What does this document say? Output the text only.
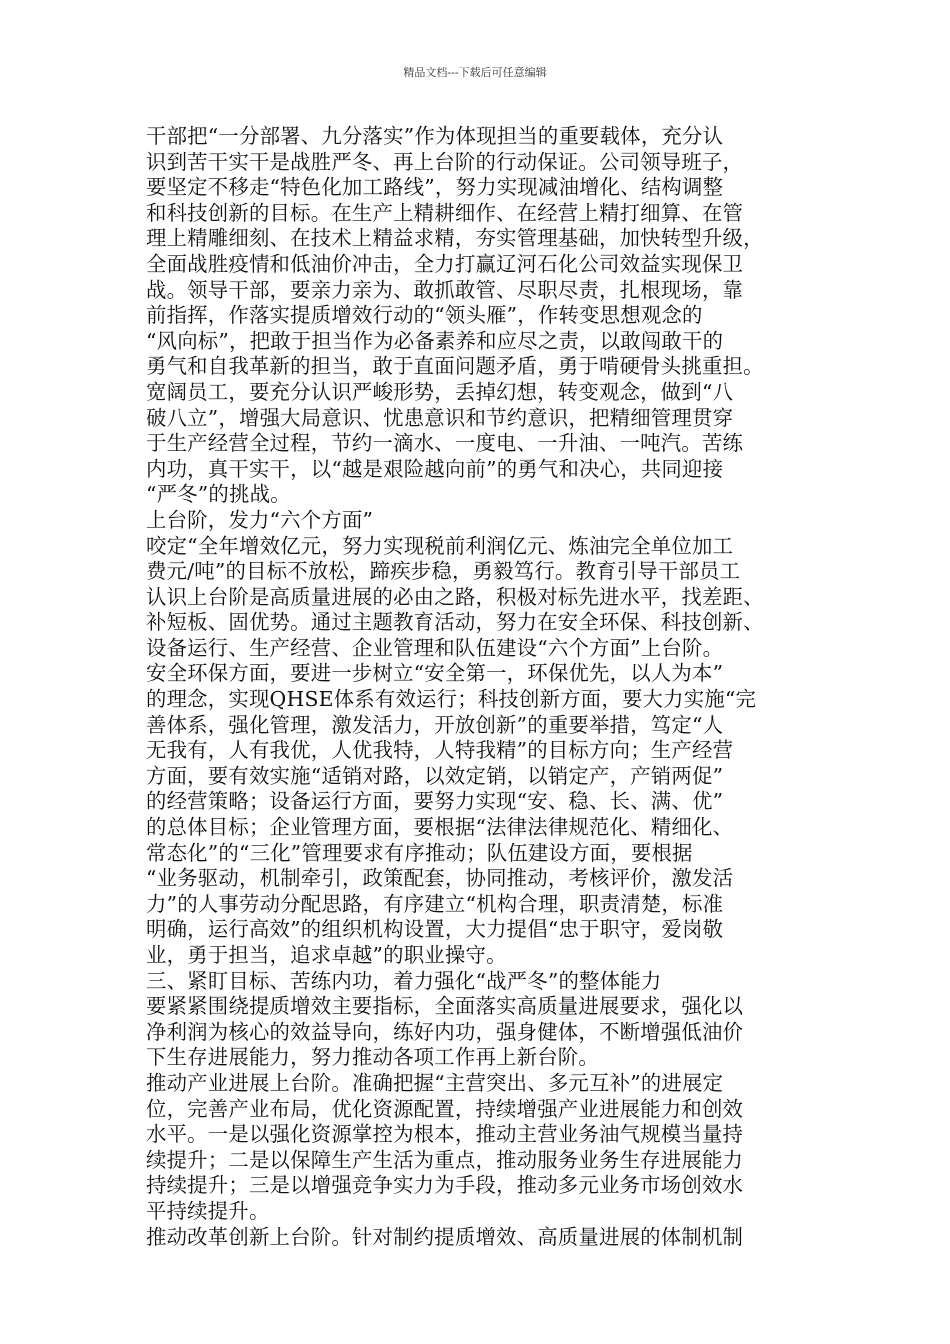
精品文档---下载后可任意编辑
干部把“一分部署、九分落实”作为体现担当的重要载体，充分认
识到苦干实干是战胜严冬、再上台阶的行动保证。公司领导班子，
要坚定不移走“特色化加工路线”，努力实现减油增化、结构调整
和科技创新的目标。在生产上精耕细作、在经营上精打细算、在管
理上精雕细刻、在技术上精益求精，夯实管理基础，加快转型升级，
全面战胜疫情和低油价冲击，全力打赢辽河石化公司效益实现保卫
战。领导干部，要亲力亲为、敢抓敢管、尽职尽责，扎根现场，靠
前指挥，作落实提质增效行动的“领头雁”，作转变思想观念的
“风向标”，把敢于担当作为必备素养和应尽之责，以敢闯敢干的
勇气和自我革新的担当，敢于直面问题矛盾，勇于啃硬骨头挑重担。
宽阔员工，要充分认识严峻形势，丢掉幻想，转变观念，做到“八
破八立”，增强大局意识、忧患意识和节约意识，把精细管理贯穿
于生产经营全过程，节约一滴水、一度电、一升油、一吨汽。苦练
内功，真干实干，以“越是艰险越向前”的勇气和决心，共同迎接
“严冬”的挑战。
上台阶，发力“六个方面”
咬定“全年增效亿元，努力实现税前利润亿元、炼油完全单位加工
费元/吨”的目标不放松，蹄疾步稳，勇毅笃行。教育引导干部员工
认识上台阶是高质量进展的必由之路，积极对标先进水平，找差距、
补短板、固优势。通过主题教育活动，努力在安全环保、科技创新、
设备运行、生产经营、企业管理和队伍建设“六个方面”上台阶。
安全环保方面，要进一步树立“安全第一，环保优先，以人为本”
的理念，实现QHSE体系有效运行；科技创新方面，要大力实施“完
善体系，强化管理，激发活力，开放创新”的重要举措，笃定“人
无我有，人有我优，人优我特，人特我精”的目标方向；生产经营
方面，要有效实施“适销对路，以效定销，以销定产，产销两促”
的经营策略；设备运行方面，要努力实现“安、稳、长、满、优”
的总体目标；企业管理方面，要根据“法律法律规范化、精细化、
常态化”的“三化”管理要求有序推动；队伍建设方面，要根据
“业务驱动，机制牵引，政策配套，协同推动，考核评价，激发活
力”的人事劳动分配思路，有序建立“机构合理，职责清楚，标准
明确，运行高效”的组织机构设置，大力提倡“忠于职守，爱岗敬
业，勇于担当，追求卓越”的职业操守。
三、紧盯目标、苦练内功，着力强化“战严冬”的整体能力
要紧紧围绕提质增效主要指标，全面落实高质量进展要求，强化以
净利润为核心的效益导向，练好内功，强身健体，不断增强低油价
下生存进展能力，努力推动各项工作再上新台阶。
推动产业进展上台阶。准确把握“主营突出、多元互补”的进展定
位，完善产业布局，优化资源配置，持续增强产业进展能力和创效
水平。一是以强化资源掌控为根本，推动主营业务油气规模当量持
续提升；二是以保障生产生活为重点，推动服务业务生存进展能力
持续提升；三是以增强竞争实力为手段，推动多元业务市场创效水
平持续提升。
推动改革创新上台阶。针对制约提质增效、高质量进展的体制机制
